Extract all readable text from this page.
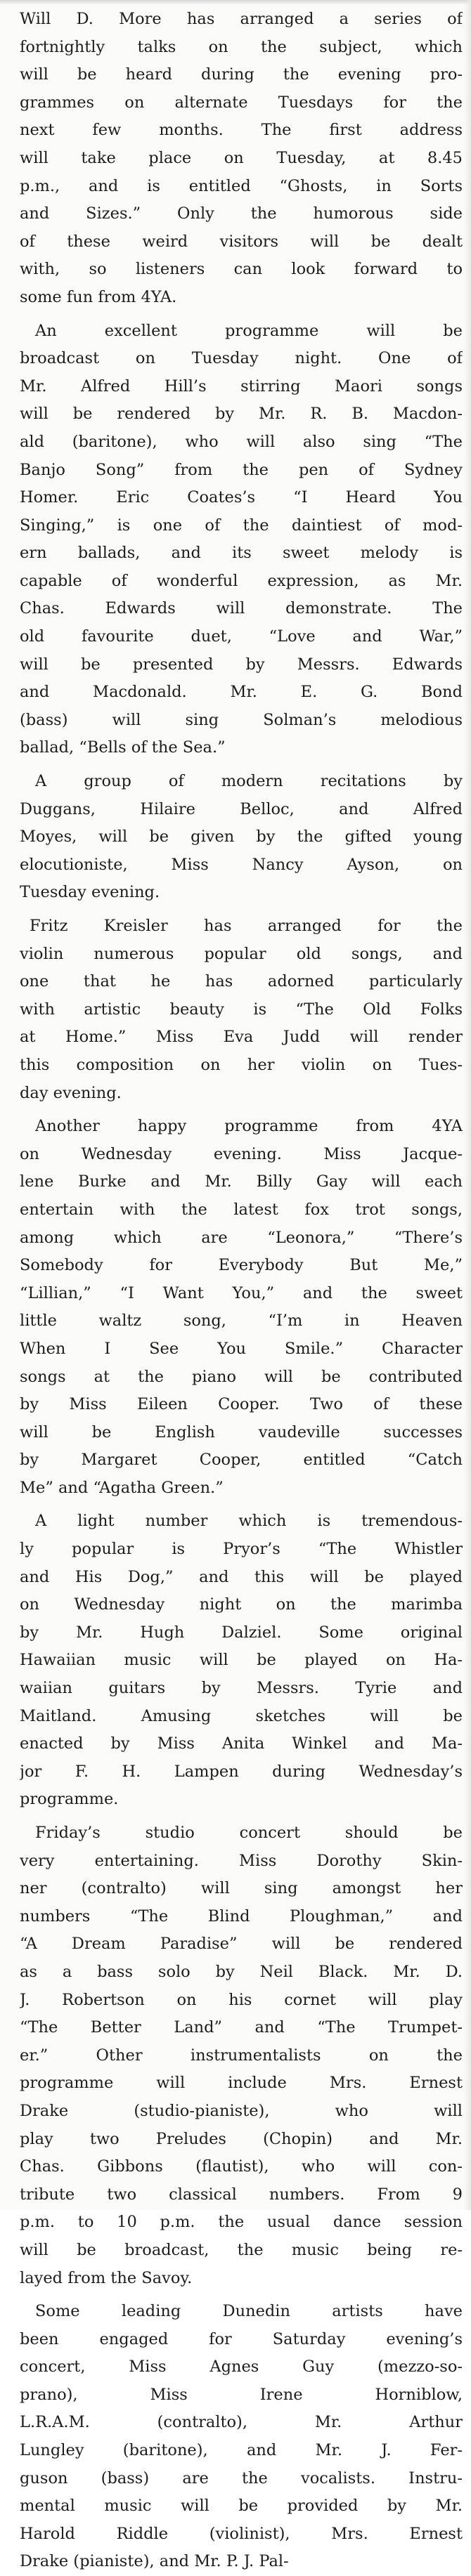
Will D. More has arranged a series of
fortnightly talks on the subject, which
will be heard during the evening pro-
grammes on alternate Tuesdays for the
next few months. The first address
will take place on Tuesday, at 8.45
p.m., and is entitled “Ghosts, in Sorts
and Sizes.” Only the humorous side
of these weird visitors will be dealt
with, so listeners can look forward to
some fun from 4YA.
An excellent programme will be
broadcast on Tuesday night. One of
Mr. Alfred Hill’s stirring Maori songs
will be rendered by Mr. R. B. Macdon-
ald (baritone), who will also sing “The
Banjo Song” from the pen of Sydney
Homer. Eric Coates’s “I Heard You
Singing,” is one of the daintiest of mod-
ern ballads, and its sweet melody is
capable of wonderful expression, as Mr.
Chas. Edwards will demonstrate. The
old favourite duet, “Love and War,”
will be presented by Messrs. Edwards
and Macdonald. Mr. E. G. Bond
(bass) will sing Solman’s melodious
ballad, “Bells of the Sea.”
A group of modern recitations by
Duggans, Hilaire Belloc, and Alfred
Moyes, will be given by the gifted young
elocutioniste, Miss Nancy Ayson, on
Tuesday evening.
Fritz Kreisler has arranged for the
violin numerous popular old songs, and
one that he has adorned particularly
with artistic beauty is “The Old Folks
at Home.” Miss Eva Judd will render
this composition on her violin on Tues-
day evening.
Another happy programme from 4YA
on Wednesday evening. Miss Jacque-
lene Burke and Mr. Billy Gay will each
entertain with the latest fox trot songs,
among which are “Leonora,” “There’s
Somebody for Everybody But Me,”
“Lillian,” “I Want You,” and the sweet
little waltz song, “I’m in Heaven
When I See You Smile.” Character
songs at the piano will be contributed
by Miss Eileen Cooper. Two of these
will be English vaudeville successes
by Margaret Cooper, entitled “Catch
Me” and “Agatha Green.”
A light number which is tremendous-
ly popular is Pryor’s “The Whistler
and His Dog,” and this will be played
on Wednesday night on the marimba
by Mr. Hugh Dalziel. Some original
Hawaiian music will be played on Ha-
waiian guitars by Messrs. Tyrie and
Maitland. Amusing sketches will be
enacted by Miss Anita Winkel and Ma-
jor F. H. Lampen during Wednesday’s
programme.
Friday’s studio concert should be
very entertaining. Miss Dorothy Skin-
ner (contralto) will sing amongst her
numbers “The Blind Ploughman,” and
“A Dream Paradise” will be rendered
as a bass solo by Neil Black. Mr. D.
J. Robertson on his cornet will play
“The Better Land” and “The Trumpet-
er.” Other instrumentalists on the
programme will include Mrs. Ernest
Drake (studio-pianiste), who will
play two Preludes (Chopin) and Mr.
Chas. Gibbons (flautist), who will con-
tribute two classical numbers. From 9
p.m. to 10 p.m. the usual dance session
will be broadcast, the music being re-
layed from the Savoy.
Some leading Dunedin artists have
been engaged for Saturday evening’s
concert, Miss Agnes Guy (mezzo-so-
prano), Miss Irene Horniblow,
L.R.A.M. (contralto), Mr. Arthur
Lungley (baritone), and Mr. J. Fer-
guson (bass) are the vocalists. Instru-
mental music will be provided by Mr.
Harold Riddle (violinist), Mrs. Ernest
Drake (pianiste), and Mr. P. J. Pal-
